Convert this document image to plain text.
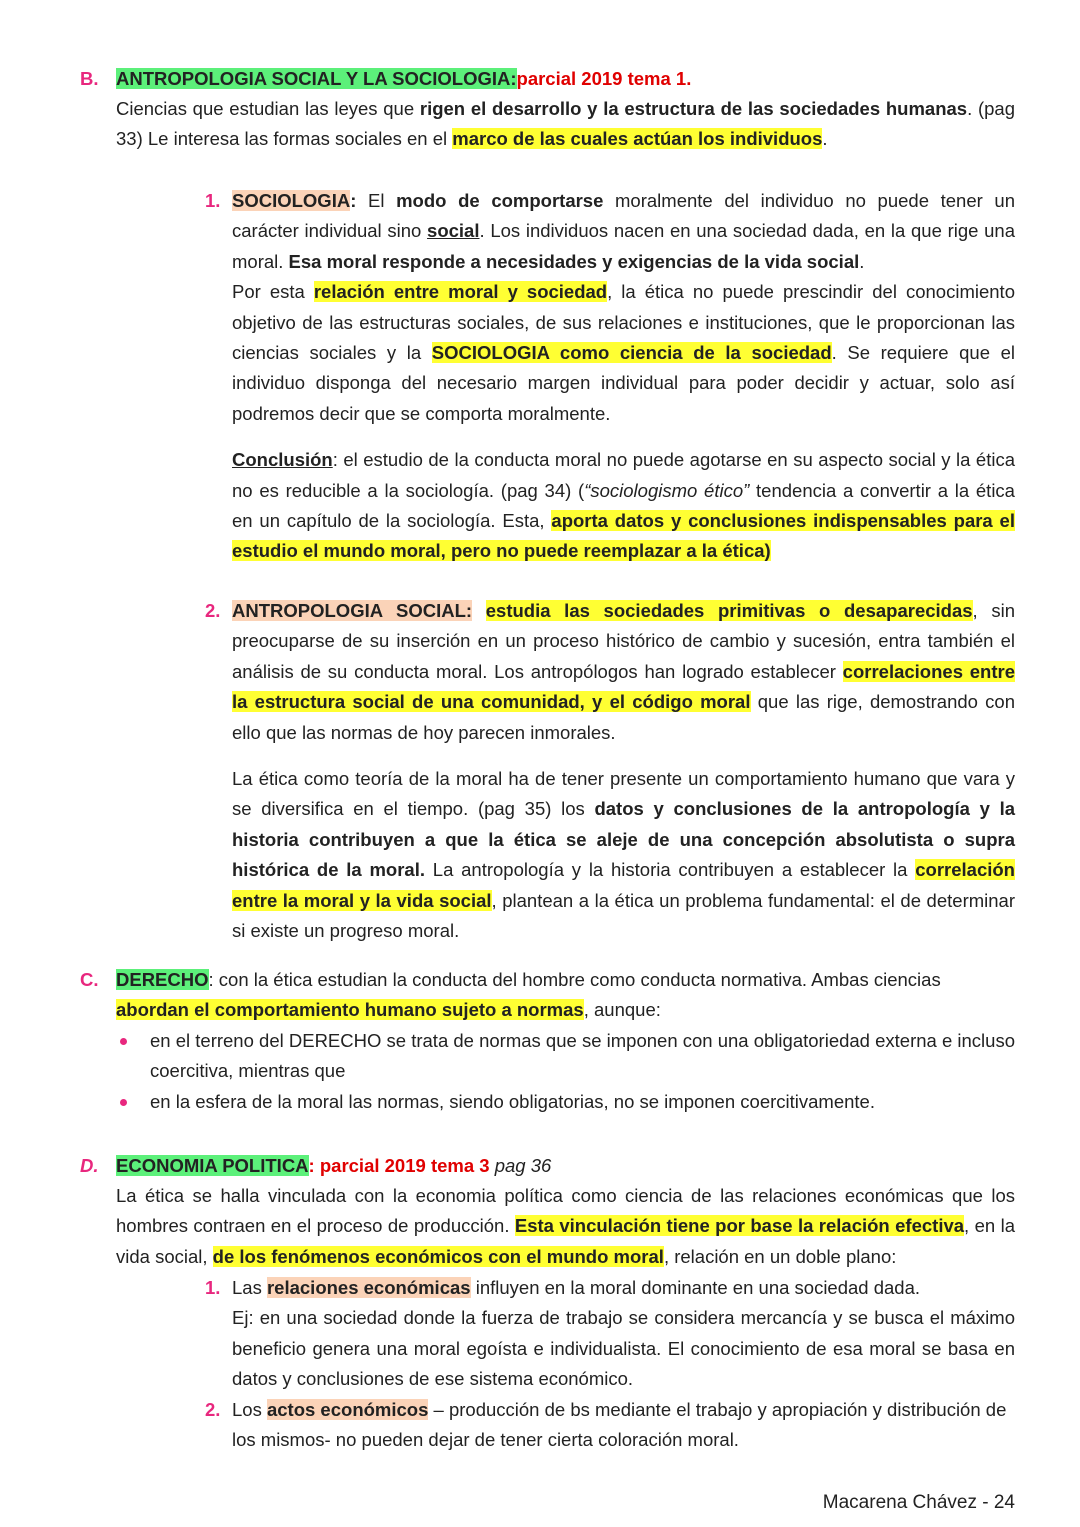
B. ANTROPOLOGIA SOCIAL Y LA SOCIOLOGIA:parcial 2019 tema 1.
Ciencias que estudian las leyes que rigen el desarrollo y la estructura de las sociedades humanas. (pag 33) Le interesa las formas sociales en el marco de las cuales actúan los individuos.
1. SOCIOLOGIA: El modo de comportarse moralmente del individuo no puede tener un carácter individual sino social. Los individuos nacen en una sociedad dada, en la que rige una moral. Esa moral responde a necesidades y exigencias de la vida social.

Por esta relación entre moral y sociedad, la ética no puede prescindir del conocimiento objetivo de las estructuras sociales, de sus relaciones e instituciones, que le proporcionan las ciencias sociales y la SOCIOLOGIA como ciencia de la sociedad. Se requiere que el individuo disponga del necesario margen individual para poder decidir y actuar, solo así podremos decir que se comporta moralmente.

Conclusión: el estudio de la conducta moral no puede agotarse en su aspecto social y la ética no es reducible a la sociología. (pag 34) (“sociologismo ético” tendencia a convertir a la ética en un capítulo de la sociología. Esta, aporta datos y conclusiones indispensables para el estudio el mundo moral, pero no puede reemplazar a la ética)

2. ANTROPOLOGIA SOCIAL: estudia las sociedades primitivas o desaparecidas, sin preocuparse de su inserción en un proceso histórico de cambio y sucesión, entra también el análisis de su conducta moral. Los antropólogos han logrado establecer correlaciones entre la estructura social de una comunidad, y el código moral que las rige, demostrando con ello que las normas de hoy parecen inmorales.

La ética como teoría de la moral ha de tener presente un comportamiento humano que vara y se diversifica en el tiempo. (pag 35) los datos y conclusiones de la antropología y la historia contribuyen a que la ética se aleje de una concepción absolutista o supra histórica de la moral. La antropología y la historia contribuyen a establecer la correlación entre la moral y la vida social, plantean a la ética un problema fundamental: el de determinar si existe un progreso moral.

C. DERECHO: con la ética estudian la conducta del hombre como conducta normativa. Ambas ciencias
abordan el comportamiento humano sujeto a normas, aunque:
en el terreno del DERECHO se trata de normas que se imponen con una obligatoriedad externa e incluso coercitiva, mientras que
en la esfera de la moral las normas, siendo obligatorias, no se imponen coercitivamente.
D. ECONOMIA POLITICA: parcial 2019 tema 3 pag 36
La ética se halla vinculada con la economia política como ciencia de las relaciones económicas que los hombres contraen en el proceso de producción. Esta vinculación tiene por base la relación efectiva, en la vida social, de los fenómenos económicos con el mundo moral, relación en un doble plano:
1. Las relaciones económicas influyen en la moral dominante en una sociedad dada.

Ej: en una sociedad donde la fuerza de trabajo se considera mercancía y se busca el máximo beneficio genera una moral egoísta e individualista. El conocimiento de esa moral se basa en datos y conclusiones de ese sistema económico.

2. Los actos económicos – producción de bs mediante el trabajo y apropiación y distribución de los mismos- no pueden dejar de tener cierta coloración moral.

Macarena Chávez - 24
